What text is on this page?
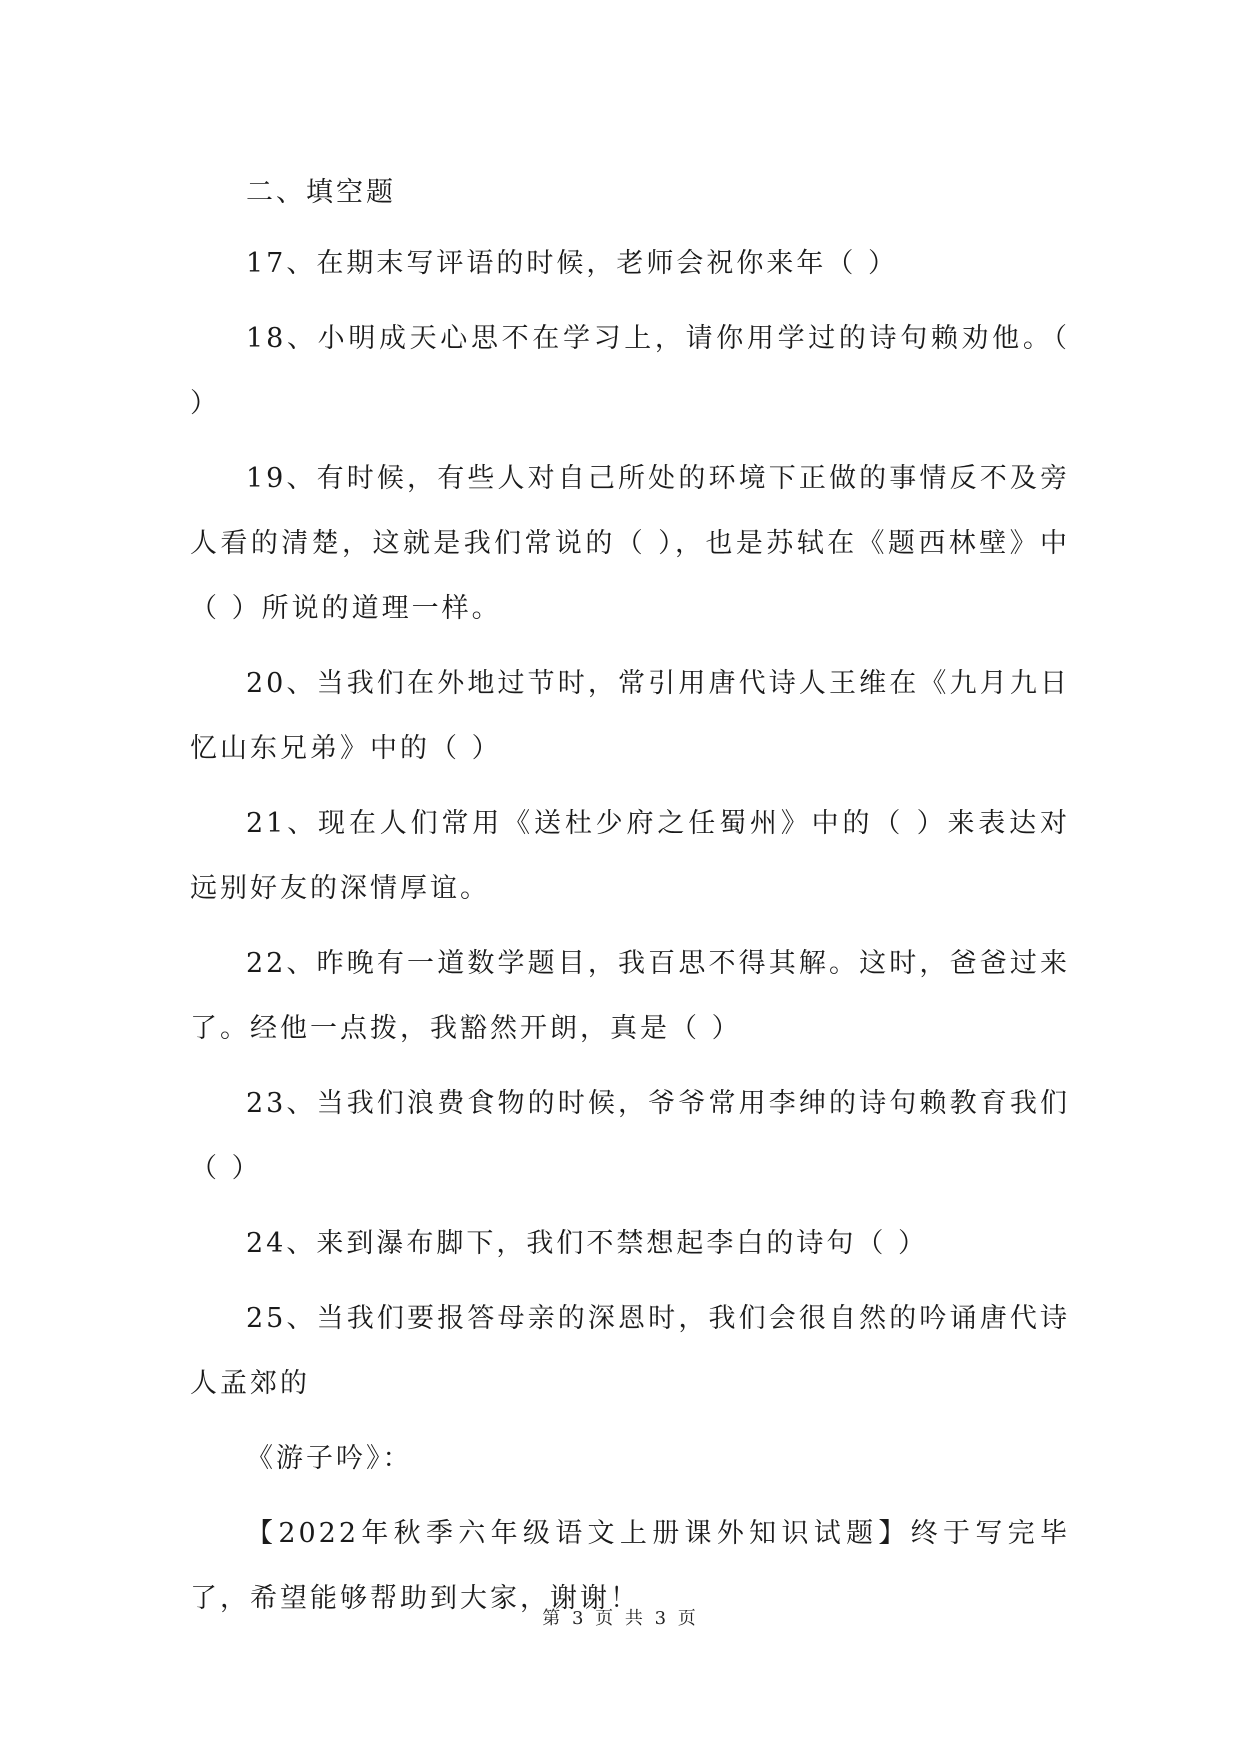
二、填空题

17、在期末写评语的时候，老师会祝你来年（ ）

18、小明成天心思不在学习上，请你用学过的诗句赖劝他。（ ）

19、有时候，有些人对自己所处的环境下正做的事情反不及旁人看的清楚，这就是我们常说的（ ），也是苏轼在《题西林壁》中（ ）所说的道理一样。

20、当我们在外地过节时，常引用唐代诗人王维在《九月九日忆山东兄弟》中的（ ）

21、现在人们常用《送杜少府之任蜀州》中的（ ）来表达对远别好友的深情厚谊。

22、昨晚有一道数学题目，我百思不得其解。这时，爸爸过来了。经他一点拨，我豁然开朗，真是（ ）

23、当我们浪费食物的时候，爷爷常用李绅的诗句赖教育我们（ ）

24、来到瀑布脚下，我们不禁想起李白的诗句（ ）

25、当我们要报答母亲的深恩时，我们会很自然的吟诵唐代诗人孟郊的

《游子吟》：

【2022年秋季六年级语文上册课外知识试题】终于写完毕了，希望能够帮助到大家，谢谢！

第 3 页 共 3 页
